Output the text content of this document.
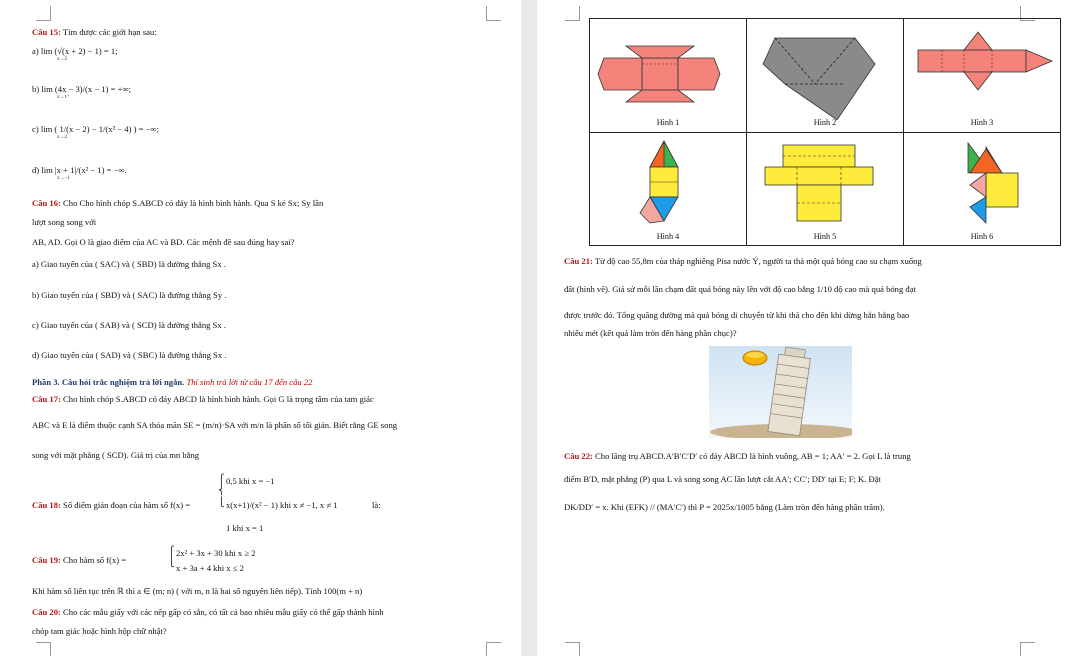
Câu 15: Tìm được các giới hạn sau:
a) lim (√(x + 2) − 1) = 1;
x→2
b) lim (4x − 3)/(x − 1) = +∞;
x→1⁺
c) lim ( 1/(x − 2) − 1/(x² − 4) ) = −∞;
x→2
d) lim |x + 1|/(x² − 1) = −∞.
x→−1
Câu 16: Cho Cho hình chóp S.ABCD có đáy là hình bình hành. Qua S kẻ Sx; Sy lần
lượt song song với
AB, AD. Gọi O là giao điểm của AC và BD. Các mệnh đề sau đúng hay sai?
a) Giao tuyến của ( SAC) và ( SBD) là đường thẳng Sx .
b) Giao tuyến của ( SBD) và ( SAC) là đường thẳng Sy .
c) Giao tuyến của ( SAB) và ( SCD) là đường thẳng Sx .
d) Giao tuyến của ( SAD) và ( SBC) là đường thẳng Sx .
Phần 3. Câu hỏi trắc nghiệm trả lời ngắn. Thí sinh trả lời từ câu 17 đến câu 22
Câu 17: Cho hình chóp S.ABCD có đáy ABCD là hình bình hành. Gọi G là trọng tâm của tam giác
ABC và E là điểm thuộc cạnh SA thỏa mãn SE = (m/n)·SA với m/n là phân số tối giản. Biết rằng GE song
song với mặt phẳng ( SCD). Giá trị của mn bằng
Câu 18: Số điểm gián đoạn của hàm số f(x) =
⎧
⎨
⎩
0,5 khi x = −1
x(x+1)/(x² − 1) khi x ≠ −1, x ≠ 1
1 khi x = 1
là:
Câu 19: Cho hàm số f(x) =
⎧
⎩
2x² + 3x + 30 khi x ≥ 2
x + 3a + 4 khi x ≤ 2
Khi hàm số liên tục trên ℝ thì a ∈ (m; n) ( với m, n là hai số nguyên liên tiếp). Tính 100(m + n)
Câu 20: Cho các mẫu giấy với các nếp gấp có sẵn, có tất cả bao nhiêu mẫu giấy có thể gấp thành hình
chóp tam giác hoặc hình hộp chữ nhật?
Hình 1	Hình 2	Hình 3

Hình 4	Hình 5	Hình 6
Câu 21: Từ độ cao 55,8m của tháp nghiêng Pisa nước Ý, người ta thả một quả bóng cao su chạm xuống
đất (hình vẽ). Giả sử mỗi lần chạm đất quả bóng này lên với độ cao bằng 1/10 độ cao mà quả bóng đạt
được trước đó. Tổng quãng đường mà quả bóng di chuyển từ khi thả cho đến khi dừng hẳn bằng bao
nhiêu mét (kết quả làm tròn đến hàng phần chục)?
Câu 22: Cho lăng trụ ABCD.A′B′C′D′ có đáy ABCD là hình vuông, AB = 1; AA′ = 2. Gọi L là trung
điểm B′D, mặt phẳng (P) qua L và song song AC lần lượt cắt AA′; CC′; DD′ tại E; F; K. Đặt
DK/DD′ = x. Khi (EFK) // (MA′C′) thì P = 2025x/1005 bằng (Làm tròn đến hàng phần trăm).
